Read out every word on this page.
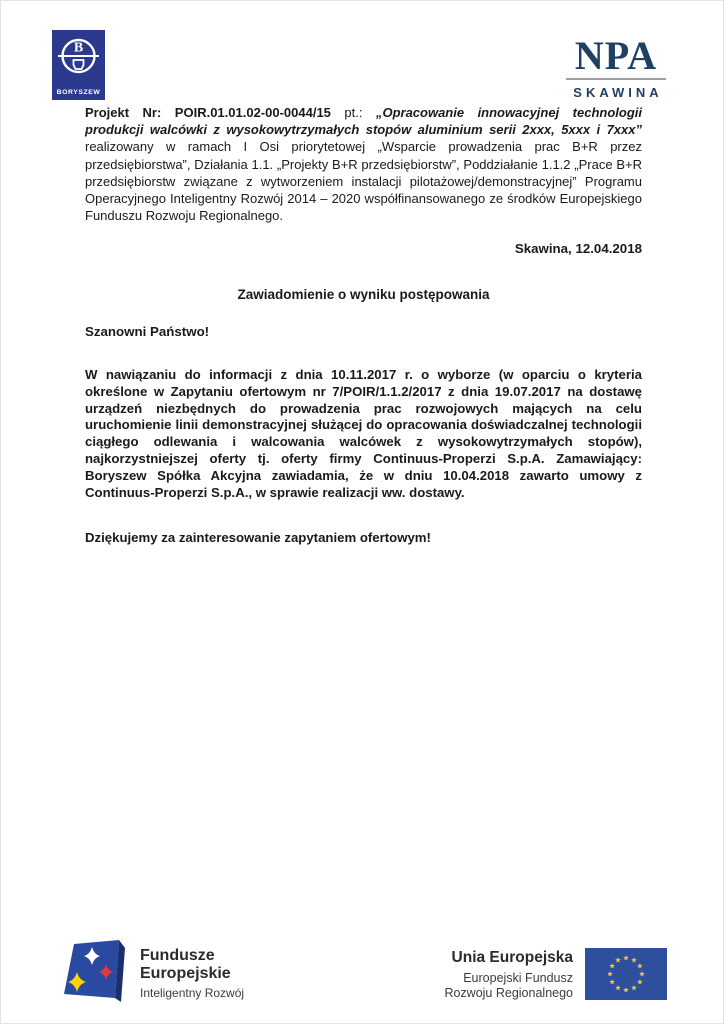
B
BORYSZEW
NPA
SKAWINA

Projekt Nr: POIR.01.01.02-00-0044/15 pt.: „Opracowanie innowacyjnej technologii produkcji walcówki z wysokowytrzymałych stopów aluminium serii 2xxx, 5xxx i 7xxx” realizowany w ramach I Osi priorytetowej „Wsparcie prowadzenia prac B+R przez przedsiębiorstwa”, Działania 1.1. „Projekty B+R przedsiębiorstw”, Poddziałanie 1.1.2 „Prace B+R przedsiębiorstw związane z wytworzeniem instalacji pilotażowej/demonstracyjnej” Programu Operacyjnego Inteligentny Rozwój 2014 – 2020 współfinansowanego ze środków Europejskiego Funduszu Rozwoju Regionalnego.

Skawina, 12.04.2018
Zawiadomienie o wyniku postępowania

Szanowni Państwo!

W nawiązaniu do informacji z dnia 10.11.2017 r. o wyborze (w oparciu o kryteria określone w Zapytaniu ofertowym nr 7/POIR/1.1.2/2017 z dnia 19.07.2017 na dostawę urządzeń niezbędnych do prowadzenia prac rozwojowych mających na celu uruchomienie linii demonstracyjnej służącej do opracowania doświadczalnej technologii ciągłego odlewania i walcowania walcówek z wysokowytrzymałych stopów), najkorzystniejszej oferty tj. oferty firmy Continuus-Properzi S.p.A. Zamawiający: Boryszew Spółka Akcyjna zawiadamia, że w dniu 10.04.2018 zawarto umowy z Continuus-Properzi S.p.A., w sprawie realizacji ww. dostawy.

Dziękujemy za zainteresowanie zapytaniem ofertowym!

Fundusze
Europejskie
Inteligentny Rozwój
Unia Europejska
Europejski Fundusz
Rozwoju Regionalnego
